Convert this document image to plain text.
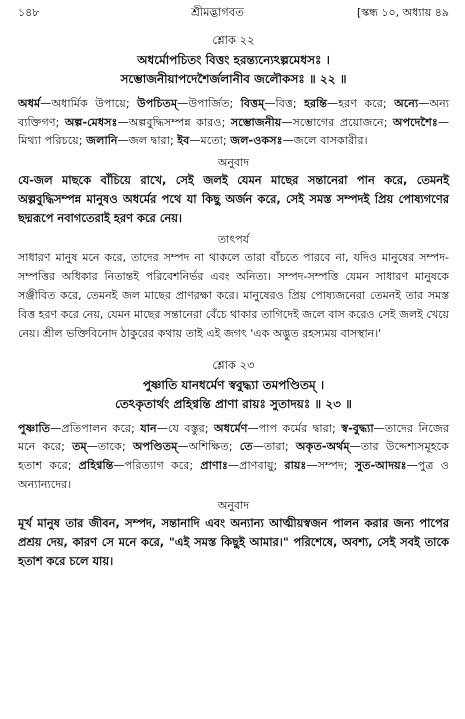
১৪৮	শ্রীমদ্ভাগবত	[স্কন্ধ ১০, অধ্যায় ৪৯
শ্লোক ২২
অধর্মোপচিতং বিত্তং হরন্ত্যন্যেঽল্পমেধসঃ ।
সম্ভোজনীয়াপদেশৈর্জলানীব জলৌকসঃ ॥ ২২ ॥
অধর্ম—অধার্মিক উপায়ে; উপচিতম্—উপার্জিত; বিত্তম্—বিত্ত; হরন্তি—হরণ করে; অন্যে—অন্য ব্যক্তিগণ; অল্প-মেধসঃ—অল্পবুদ্ধিসম্পন্ন কারও; সম্ভোজনীয়—সম্ভোগের প্রয়োজনে; অপদেশৈঃ—মিথ্যা পরিচয়ে; জলানি—জল দ্বারা; ইব—মতো; জল-ওকসঃ—জলে বাসকারীর।
অনুবাদ
যে-জল মাছকে বাঁচিয়ে রাখে, সেই জলই যেমন মাছের সন্তানেরা পান করে, তেমনই অল্পবুদ্ধিসম্পন্ন মানুষও অধর্মের পথে যা কিছু অর্জন করে, সেই সমস্ত সম্পদই প্রিয় পোষ্যগণের ছদ্মরূপে নবাগতেরাই হরণ করে নেয়।
তাৎপর্য
সাধারণ মানুষ মনে করে, তাদের সম্পদ না থাকলে তারা বাঁচতে পারবে না, যদিও মানুষের সম্পদ-সম্পত্তির অধিকার নিতান্তই পরিবেশনির্ভর এবং অনিত্য। সম্পদ-সম্পত্তি যেমন সাধারণ মানুষকে সঞ্জীবিত করে, তেমনই জল মাছের প্রাণরক্ষা করে। মানুষেরও প্রিয় পোষ্যজনেরা তেমনই তার সমস্ত বিত্ত হরণ করে নেয়, যেমন মাছের সন্তানেরা বেঁচে থাকার তাগিদেই জলে বাস করেও সেই জলই খেয়ে নেয়। শ্রীল ভক্তিবিনোদ ঠাকুরের কথায় তাই এই জগৎ 'এক অদ্ভুত রহস্যময় বাসস্থান।'
শ্লোক ২৩
পুষ্ণাতি যানধর্মেণ স্ববুদ্ধ্যা তমপণ্ডিতম্ ।
তেঽকৃতার্থং প্রহিণ্বন্তি প্রাণা রায়ঃ সুতাদয়ঃ ॥ ২৩ ॥
পুষ্ণাতি—প্রতিপালন করে; যান—যে বস্তুর; অধর্মেণ—পাপ কর্মের দ্বারা; স্ব-বুদ্ধ্যা—তাদের নিজের মনে করে; তম্—তাকে; অপণ্ডিতম্—অশিক্ষিত; তে—তারা; অকৃত-অর্থম্—তার উদ্দেশ্যসমূহকে হতাশ করে; প্রহিণ্বন্তি—পরিত্যাগ করে; প্রাণাঃ—প্রাণবায়ু; রায়ঃ—সম্পদ; সুত-আদয়ঃ—পুত্র ও অন্যান্যদের।
অনুবাদ
মূর্খ মানুষ তার জীবন, সম্পদ, সন্তানাদি এবং অন্যান্য আত্মীয়স্বজন পালন করার জন্য পাপের প্রশ্রয় দেয়, কারণ সে মনে করে, "এই সমস্ত কিছুই আমার।" পরিশেষে, অবশ্য, সেই সবই তাকে হতাশ করে চলে যায়।
